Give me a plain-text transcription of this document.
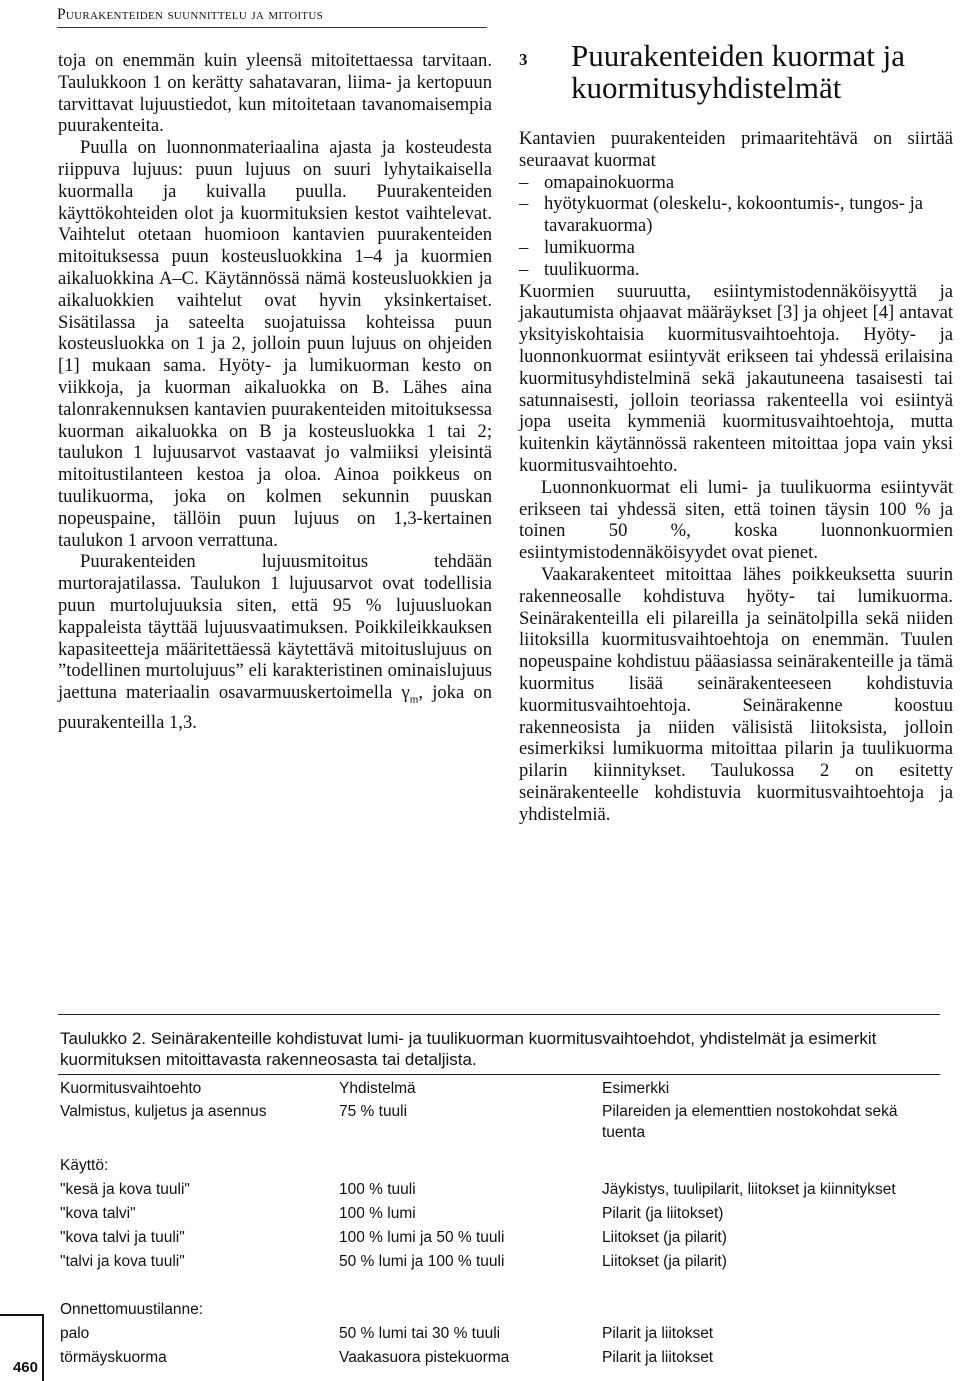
Puurakenteiden suunnittelu ja mitoitus

toja on enemmän kuin yleensä mitoitettaessa tarvitaan. Taulukkoon 1 on kerätty sahatavaran, liima- ja kertopuun tarvittavat lujuustiedot, kun mitoitetaan tavanomaisempia puurakenteita.

Puulla on luonnonmateriaalina ajasta ja kosteudesta riippuva lujuus: puun lujuus on suuri lyhytaikaisella kuormalla ja kuivalla puulla. Puurakenteiden käyttökohteiden olot ja kuormituksien kestot vaihtelevat. Vaihtelut otetaan huomioon kantavien puurakenteiden mitoituksessa puun kosteusluokkina 1–4 ja kuormien aikaluokkina A–C. Käytännössä nämä kosteusluokkien ja aikaluokkien vaihtelut ovat hyvin yksinkertaiset. Sisätilassa ja sateelta suojatuissa kohteissa puun kosteusluokka on 1 ja 2, jolloin puun lujuus on ohjeiden [1] mukaan sama. Hyöty- ja lumikuorman kesto on viikkoja, ja kuorman aikaluokka on B. Lähes aina talonrakennuksen kantavien puurakenteiden mitoituksessa kuorman aikaluokka on B ja kosteusluokka 1 tai 2; taulukon 1 lujuusarvot vastaavat jo valmiiksi yleisintä mitoitustilanteen kestoa ja oloa. Ainoa poikkeus on tuulikuorma, joka on kolmen sekunnin puuskan nopeuspaine, tällöin puun lujuus on 1,3-kertainen taulukon 1 arvoon verrattuna.

Puurakenteiden lujuusmitoitus tehdään murtorajatilassa. Taulukon 1 lujuusarvot ovat todellisia puun murtolujuuksia siten, että 95 % lujuusluokan kappaleista täyttää lujuusvaatimuksen. Poikkileikkauksen kapasiteetteja määritettäessä käytettävä mitoituslujuus on ”todellinen murtolujuus” eli karakteristinen ominaislujuus jaettuna materiaalin osavarmuuskertoimella $\gamma_m$, joka on puurakenteilla 1,3.

3 Puurakenteiden kuormat ja kuormitusyhdistelmät

Kantavien puurakenteiden primaaritehtävä on siirtää seuraavat kuormat

– omapainokuorma
– hyötykuormat (oleskelu-, kokoontumis-, tungos- ja tavarakuorma)
– lumikuorma
– tuulikuorma.

Kuormien suuruutta, esiintymistodennäköisyyttä ja jakautumista ohjaavat määräykset [3] ja ohjeet [4] antavat yksityiskohtaisia kuormitusvaihtoehtoja. Hyöty- ja luonnonkuormat esiintyvät erikseen tai yhdessä erilaisina kuormitusyhdistelminä sekä jakautuneena tasaisesti tai satunnaisesti, jolloin teoriassa rakenteella voi esiintyä jopa useita kymmeniä kuormitusvaihtoehtoja, mutta kuitenkin käytännössä rakenteen mitoittaa jopa vain yksi kuormitusvaihtoehto.

Luonnonkuormat eli lumi- ja tuulikuorma esiintyvät erikseen tai yhdessä siten, että toinen täysin 100 % ja toinen 50 %, koska luonnonkuormien esiintymistodennäköisyydet ovat pienet.

Vaakarakenteet mitoittaa lähes poikkeuksetta suurin rakenneosalle kohdistuva hyöty- tai lumikuorma. Seinärakenteilla eli pilareilla ja seinätolpilla sekä niiden liitoksilla kuormitusvaihtoehtoja on enemmän. Tuulen nopeuspaine kohdistuu pääasiassa seinärakenteille ja tämä kuormitus lisää seinärakenteeseen kohdistuvia kuormitusvaihtoehtoja. Seinärakenne koostuu rakenneosista ja niiden välisistä liitoksista, jolloin esimerkiksi lumikuorma mitoittaa pilarin ja tuulikuorma pilarin kiinnitykset. Taulukossa 2 on esitetty seinärakenteelle kohdistuvia kuormitusvaihtoehtoja ja yhdistelmiä.

Taulukko 2. Seinärakenteille kohdistuvat lumi- ja tuulikuorman kuormitusvaihtoehdot, yhdistelmät ja esimerkit kuormituksen mitoittavasta rakenneosasta tai detaljista.
Kuormitusvaihtoehto	Yhdistelmä	Esimerkki
Valmistus, kuljetus ja asennus	75 % tuuli	Pilareiden ja elementtien nostokohdat sekä tuenta
Käyttö:
"kesä ja kova tuuli"	100 % tuuli	Jäykistys, tuulipilarit, liitokset ja kiinnitykset
"kova talvi"	100 % lumi	Pilarit (ja liitokset)
"kova talvi ja tuuli"	100 % lumi ja 50 % tuuli	Liitokset (ja pilarit)
"talvi ja kova tuuli"	50 % lumi ja 100 % tuuli	Liitokset (ja pilarit)
Onnettomuustilanne:
palo	50 % lumi tai 30 % tuuli	Pilarit ja liitokset
törmäyskuorma	Vaakasuora pistekuorma	Pilarit ja liitokset
460
